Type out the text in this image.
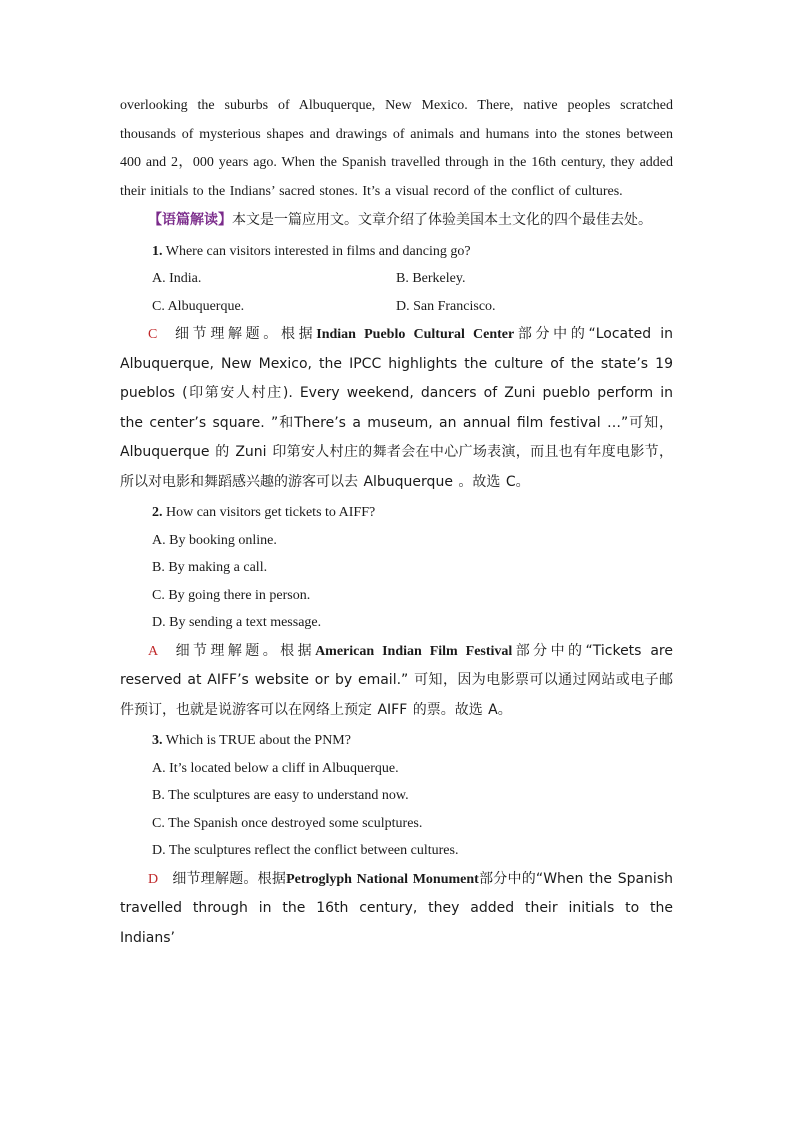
overlooking the suburbs of Albuquerque, New Mexico. There, native peoples scratched thousands of mysterious shapes and drawings of animals and humans into the stones between 400 and 2，000 years ago. When the Spanish travelled through in the 16th century, they added their initials to the Indians’ sacred stones. It’s a visual record of the conflict of cultures.

【语篇解读】本文是一篇应用文。文章介绍了体验美国本土文化的四个最佳去处。

1. Where can visitors interested in films and dancing go?

A. India.	B. Berkeley.
C. Albuquerque.	D. San Francisco.

C 细节理解题。根据Indian Pueblo Cultural Center部分中的“Located in Albuquerque, New Mexico, the IPCC highlights the culture of the state’s 19 pueblos (印第安人村庄). Every weekend, dancers of Zuni pueblo perform in the center’s square. ”和There’s a museum, an annual film festival …”可知，Albuquerque 的 Zuni 印第安人村庄的舞者会在中心广场表演，而且也有年度电影节，所以对电影和舞蹈感兴趣的游客可以去 Albuquerque 。故选 C。

2. How can visitors get tickets to AIFF?

A. By booking online.

B. By making a call.

C. By going there in person.

D. By sending a text message.

A 细节理解题。根据American Indian Film Festival部分中的“Tickets are reserved at AIFF’s website or by email.” 可知，因为电影票可以通过网站或电子邮件预订，也就是说游客可以在网络上预定 AIFF 的票。故选 A。

3. Which is TRUE about the PNM?

A. It’s located below a cliff in Albuquerque.

B. The sculptures are easy to understand now.

C. The Spanish once destroyed some sculptures.

D. The sculptures reflect the conflict between cultures.

D 细节理解题。根据Petroglyph National Monument部分中的“When the Spanish travelled through in the 16th century, they added their initials to the Indians’
